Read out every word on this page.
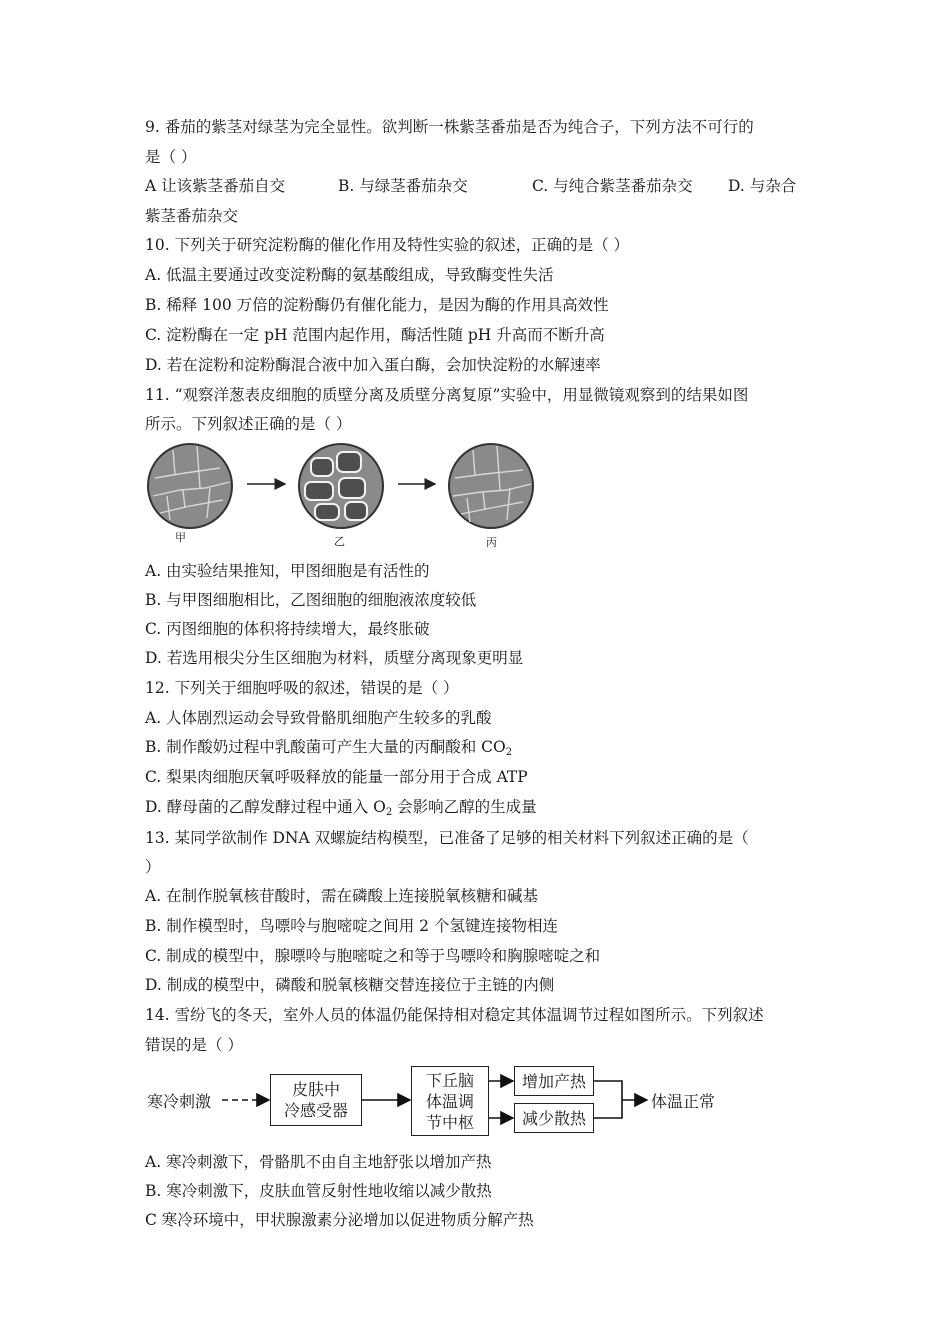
9. 番茄的紫茎对绿茎为完全显性。欲判断一株紫茎番茄是否为纯合子，下列方法不可行的
是（ ）
A 让该紫茎番茄自交	B. 与绿茎番茄杂交	C. 与纯合紫茎番茄杂交 D. 与杂合
紫茎番茄杂交
10. 下列关于研究淀粉酶的催化作用及特性实验的叙述，正确的是（ ）
A. 低温主要通过改变淀粉酶的氨基酸组成，导致酶变性失活
B. 稀释 100 万倍的淀粉酶仍有催化能力，是因为酶的作用具高效性
C. 淀粉酶在一定 pH 范围内起作用，酶活性随 pH 升高而不断升高
D. 若在淀粉和淀粉酶混合液中加入蛋白酶，会加快淀粉的水解速率
11. “观察洋葱表皮细胞的质壁分离及质壁分离复原”实验中，用显微镜观察到的结果如图
所示。下列叙述正确的是（ ）
甲	乙	丙
A. 由实验结果推知，甲图细胞是有活性的
B. 与甲图细胞相比，乙图细胞的细胞液浓度较低
C. 丙图细胞的体积将持续增大，最终胀破
D. 若选用根尖分生区细胞为材料，质壁分离现象更明显
12. 下列关于细胞呼吸的叙述，错误的是（ ）
A. 人体剧烈运动会导致骨骼肌细胞产生较多的乳酸
B. 制作酸奶过程中乳酸菌可产生大量的丙酮酸和 $CO_2$
C. 梨果肉细胞厌氧呼吸释放的能量一部分用于合成 ATP
D. 酵母菌的乙醇发酵过程中通入 $O_2$ 会影响乙醇的生成量
13. 某同学欲制作 DNA 双螺旋结构模型，已准备了足够的相关材料下列叙述正确的是（
）
A. 在制作脱氧核苷酸时，需在磷酸上连接脱氧核糖和碱基
B. 制作模型时，鸟嘌呤与胞嘧啶之间用 2 个氢键连接物相连
C. 制成的模型中，腺嘌呤与胞嘧啶之和等于鸟嘌呤和胸腺嘧啶之和
D. 制成的模型中，磷酸和脱氧核糖交替连接位于主链的内侧
14. 雪纷飞的冬天，室外人员的体温仍能保持相对稳定其体温调节过程如图所示。下列叙述
错误的是（ ）
寒冷刺激
皮肤中
冷感受器
下丘脑
体温调
节中枢
增加产热
减少散热
体温正常
A. 寒冷刺激下，骨骼肌不由自主地舒张以增加产热
B. 寒冷刺激下，皮肤血管反射性地收缩以减少散热
C 寒冷环境中，甲状腺激素分泌增加以促进物质分解产热
